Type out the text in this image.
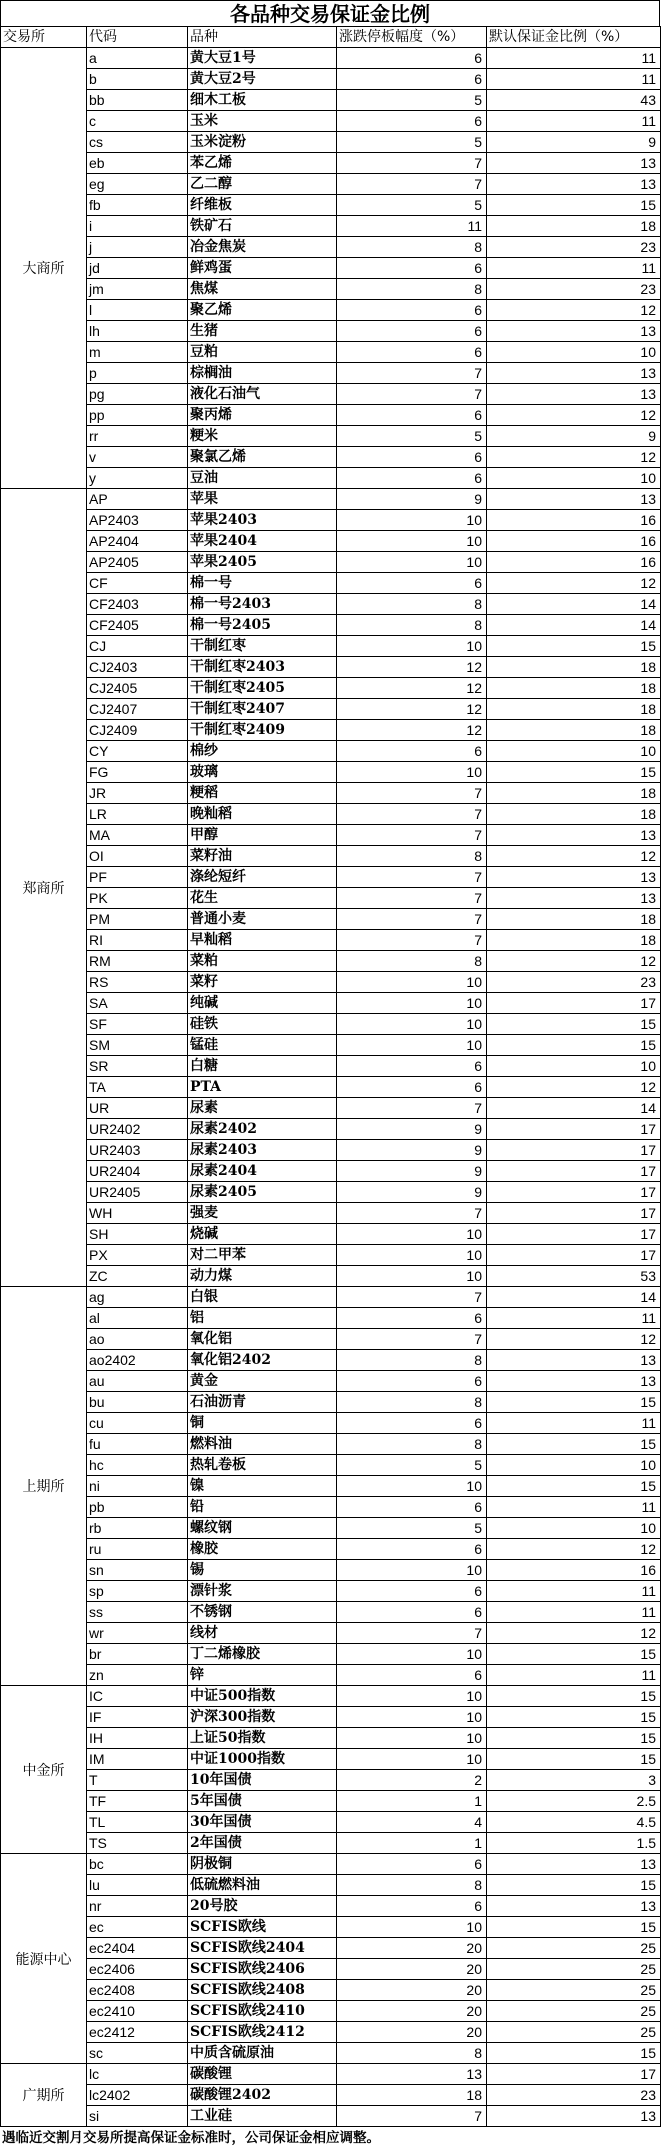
各品种交易保证金比例
交易所	代码	品种	涨跌停板幅度（%）	默认保证金比例（%）
大商所	a	黄大豆1号	6	11
	b	黄大豆2号	6	11
	bb	细木工板	5	43
	c	玉米	6	11
	cs	玉米淀粉	5	9
	eb	苯乙烯	7	13
	eg	乙二醇	7	13
	fb	纤维板	5	15
	i	铁矿石	11	18
	j	冶金焦炭	8	23
	jd	鲜鸡蛋	6	11
	jm	焦煤	8	23
	l	聚乙烯	6	12
	lh	生猪	6	13
	m	豆粕	6	10
	p	棕榈油	7	13
	pg	液化石油气	7	13
	pp	聚丙烯	6	12
	rr	粳米	5	9
	v	聚氯乙烯	6	12
	y	豆油	6	10
郑商所	AP	苹果	9	13
	AP2403	苹果2403	10	16
	AP2404	苹果2404	10	16
	AP2405	苹果2405	10	16
	CF	棉一号	6	12
	CF2403	棉一号2403	8	14
	CF2405	棉一号2405	8	14
	CJ	干制红枣	10	15
	CJ2403	干制红枣2403	12	18
	CJ2405	干制红枣2405	12	18
	CJ2407	干制红枣2407	12	18
	CJ2409	干制红枣2409	12	18
	CY	棉纱	6	10
	FG	玻璃	10	15
	JR	粳稻	7	18
	LR	晚籼稻	7	18
	MA	甲醇	7	13
	OI	菜籽油	8	12
	PF	涤纶短纤	7	13
	PK	花生	7	13
	PM	普通小麦	7	18
	RI	早籼稻	7	18
	RM	菜粕	8	12
	RS	菜籽	10	23
	SA	纯碱	10	17
	SF	硅铁	10	15
	SM	锰硅	10	15
	SR	白糖	6	10
	TA	PTA	6	12
	UR	尿素	7	14
	UR2402	尿素2402	9	17
	UR2403	尿素2403	9	17
	UR2404	尿素2404	9	17
	UR2405	尿素2405	9	17
	WH	强麦	7	17
	SH	烧碱	10	17
	PX	对二甲苯	10	17
	ZC	动力煤	10	53
上期所	ag	白银	7	14
	al	铝	6	11
	ao	氧化铝	7	12
	ao2402	氧化铝2402	8	13
	au	黄金	6	13
	bu	石油沥青	8	15
	cu	铜	6	11
	fu	燃料油	8	15
	hc	热轧卷板	5	10
	ni	镍	10	15
	pb	铅	6	11
	rb	螺纹钢	5	10
	ru	橡胶	6	12
	sn	锡	10	16
	sp	漂针浆	6	11
	ss	不锈钢	6	11
	wr	线材	7	12
	br	丁二烯橡胶	10	15
	zn	锌	6	11
中金所	IC	中证500指数	10	15
	IF	沪深300指数	10	15
	IH	上证50指数	10	15
	IM	中证1000指数	10	15
	T	10年国债	2	3
	TF	5年国债	1	2.5
	TL	30年国债	4	4.5
	TS	2年国债	1	1.5
能源中心	bc	阴极铜	6	13
	lu	低硫燃料油	8	15
	nr	20号胶	6	13
	ec	SCFIS欧线	10	15
	ec2404	SCFIS欧线2404	20	25
	ec2406	SCFIS欧线2406	20	25
	ec2408	SCFIS欧线2408	20	25
	ec2410	SCFIS欧线2410	20	25
	ec2412	SCFIS欧线2412	20	25
	sc	中质含硫原油	8	15
广期所	lc	碳酸锂	13	17
	lc2402	碳酸锂2402	18	23
	si	工业硅	7	13
遇临近交割月交易所提高保证金标准时，公司保证金相应调整。
